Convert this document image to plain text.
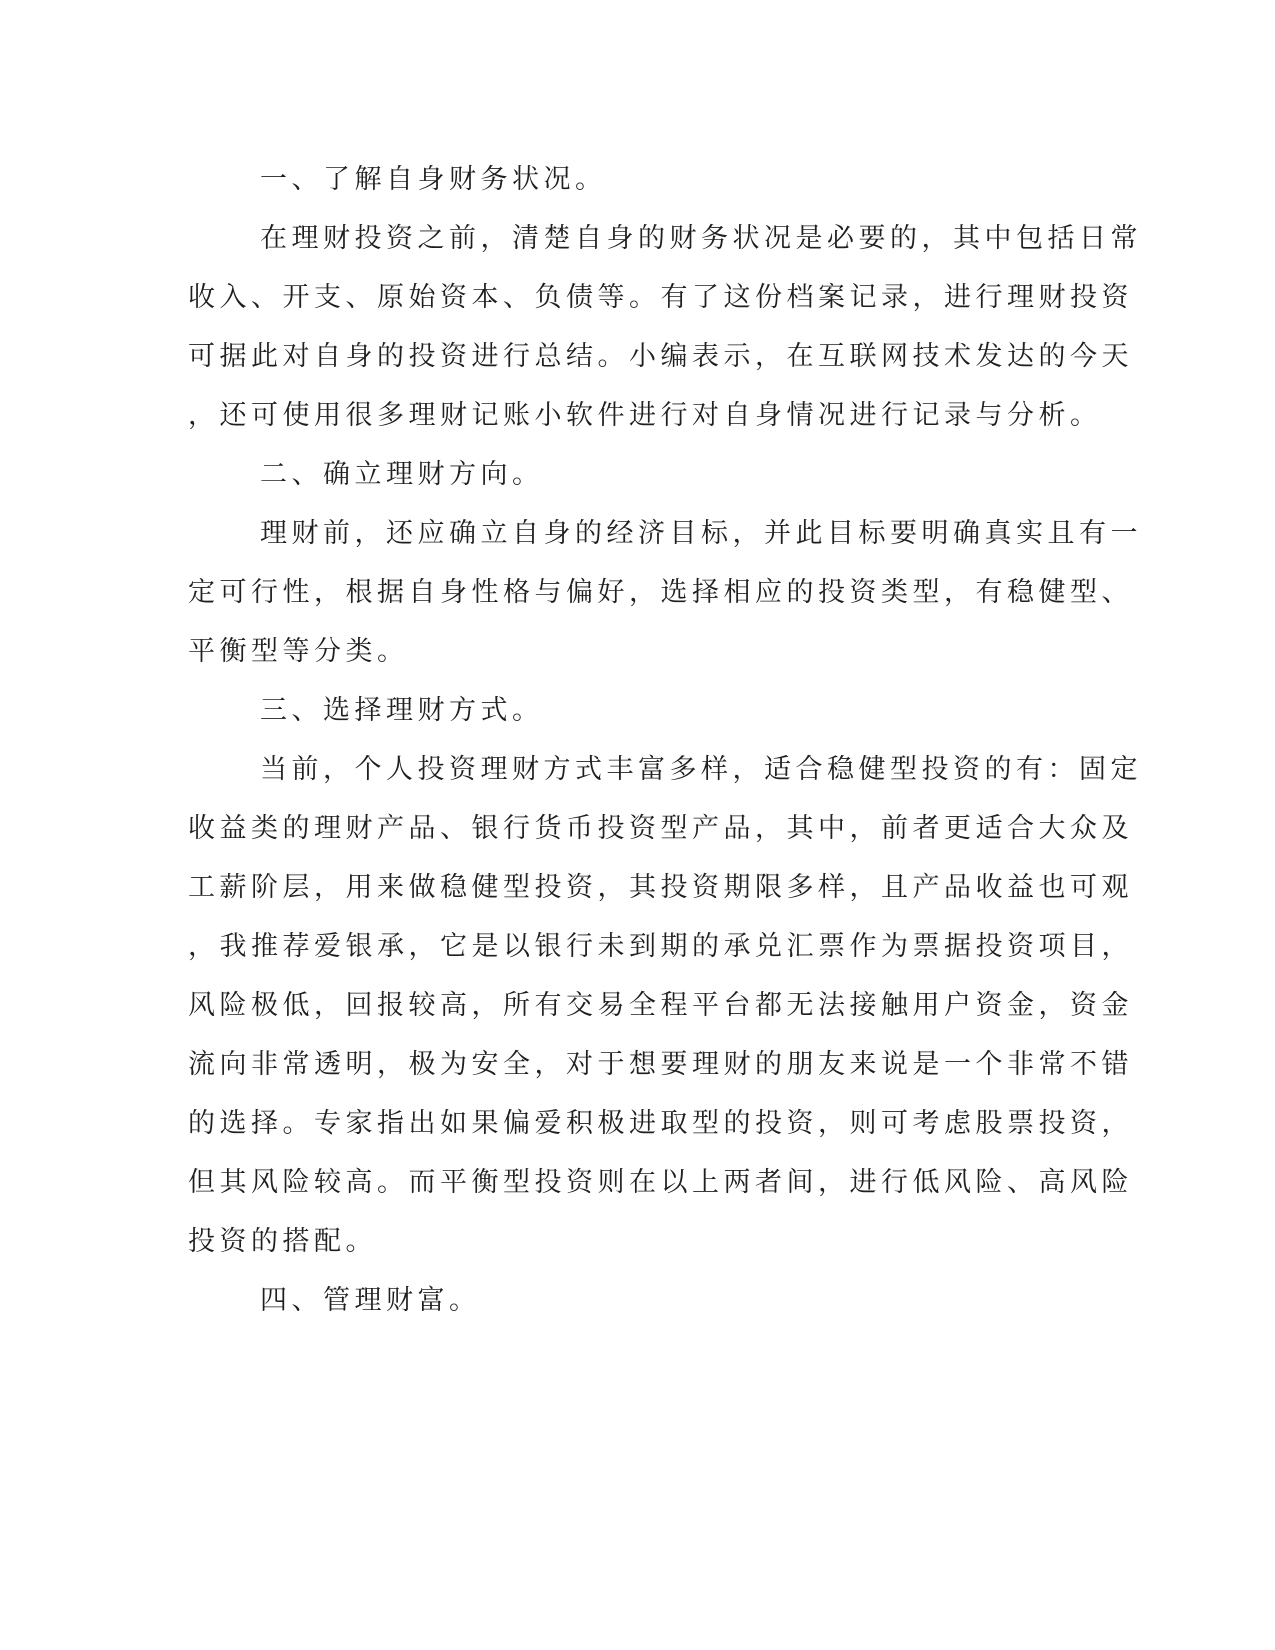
一、了解自身财务状况。
在理财投资之前，清楚自身的财务状况是必要的，其中包括日常
收入、开支、原始资本、负债等。有了这份档案记录，进行理财投资
可据此对自身的投资进行总结。小编表示，在互联网技术发达的今天
，还可使用很多理财记账小软件进行对自身情况进行记录与分析。
二、确立理财方向。
理财前，还应确立自身的经济目标，并此目标要明确真实且有一
定可行性，根据自身性格与偏好，选择相应的投资类型，有稳健型、
平衡型等分类。
三、选择理财方式。
当前，个人投资理财方式丰富多样，适合稳健型投资的有：固定
收益类的理财产品、银行货币投资型产品，其中，前者更适合大众及
工薪阶层，用来做稳健型投资，其投资期限多样，且产品收益也可观
，我推荐爱银承，它是以银行未到期的承兑汇票作为票据投资项目，
风险极低，回报较高，所有交易全程平台都无法接触用户资金，资金
流向非常透明，极为安全，对于想要理财的朋友来说是一个非常不错
的选择。专家指出如果偏爱积极进取型的投资，则可考虑股票投资，
但其风险较高。而平衡型投资则在以上两者间，进行低风险、高风险
投资的搭配。
四、管理财富。
